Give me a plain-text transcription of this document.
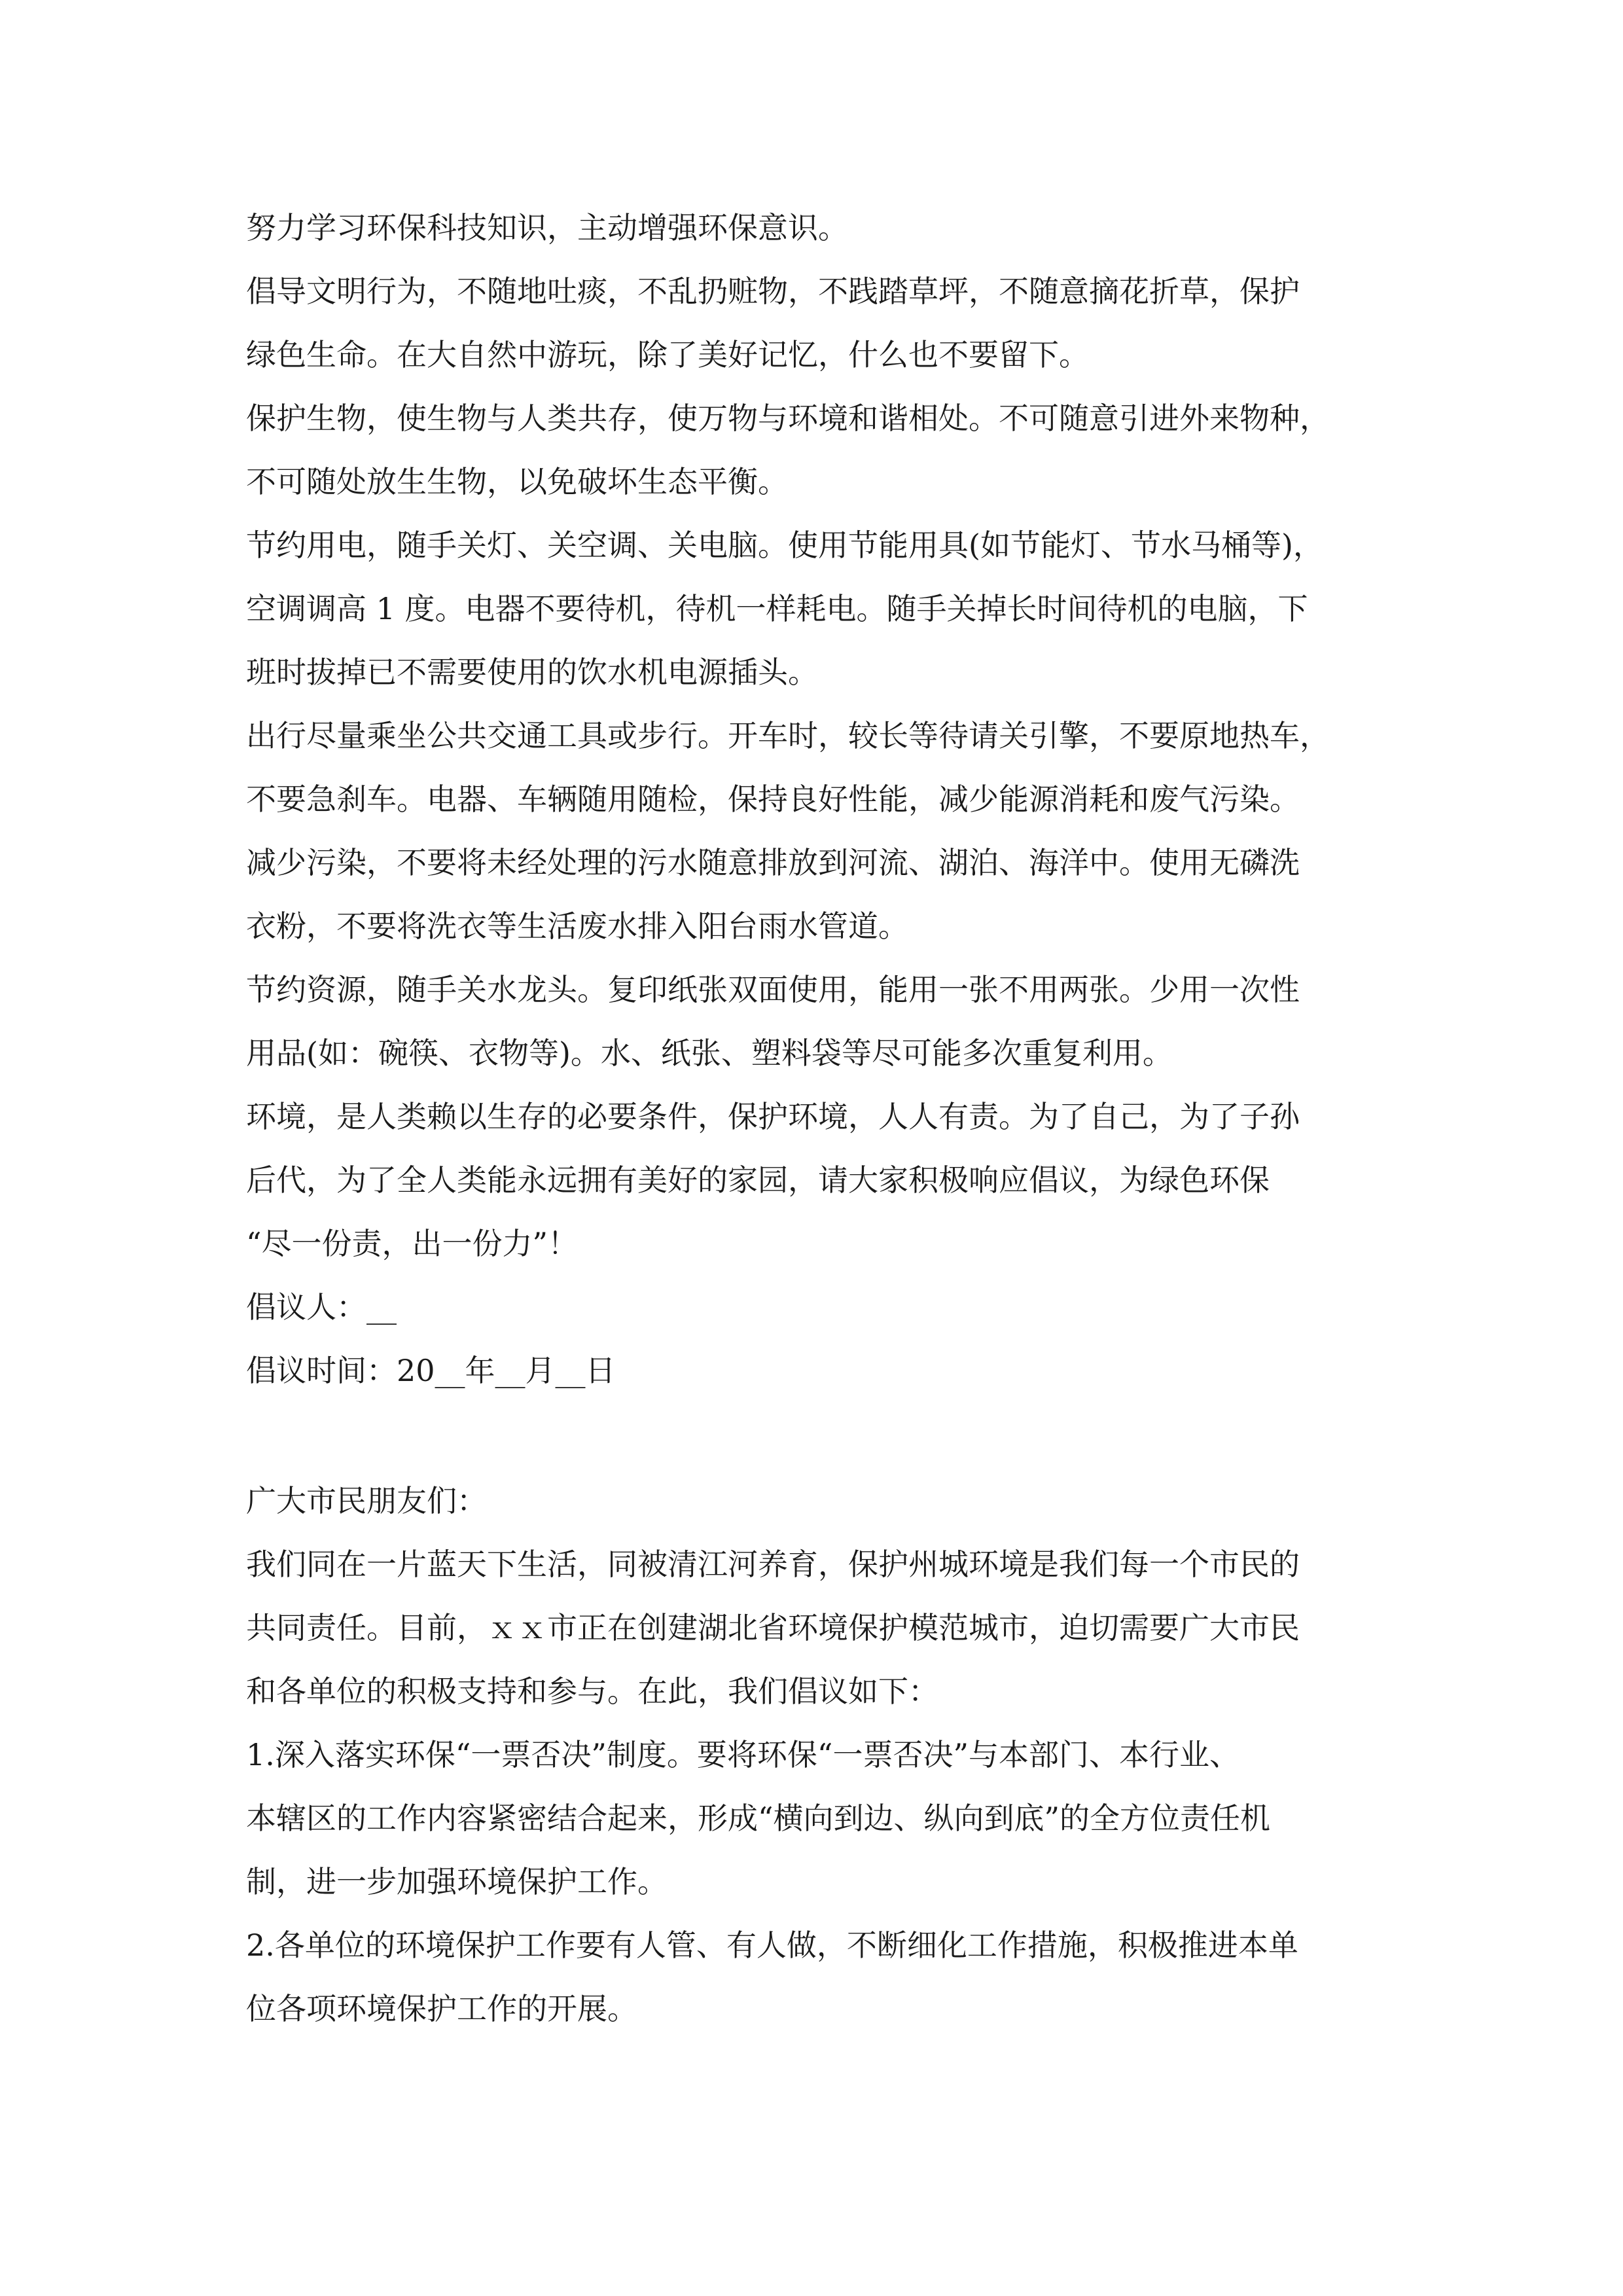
努力学习环保科技知识，主动增强环保意识。

倡导文明行为，不随地吐痰，不乱扔赃物，不践踏草坪，不随意摘花折草，保护

绿色生命。在大自然中游玩，除了美好记忆，什么也不要留下。

保护生物，使生物与人类共存，使万物与环境和谐相处。不可随意引进外来物种，

不可随处放生生物，以免破坏生态平衡。

节约用电，随手关灯、关空调、关电脑。使用节能用具(如节能灯、节水马桶等)，

空调调高 1 度。电器不要待机，待机一样耗电。随手关掉长时间待机的电脑，下

班时拔掉已不需要使用的饮水机电源插头。

出行尽量乘坐公共交通工具或步行。开车时，较长等待请关引擎，不要原地热车，

不要急刹车。电器、车辆随用随检，保持良好性能，减少能源消耗和废气污染。

减少污染，不要将未经处理的污水随意排放到河流、湖泊、海洋中。使用无磷洗

衣粉，不要将洗衣等生活废水排入阳台雨水管道。

节约资源，随手关水龙头。复印纸张双面使用，能用一张不用两张。少用一次性

用品(如：碗筷、衣物等)。水、纸张、塑料袋等尽可能多次重复利用。

环境，是人类赖以生存的必要条件，保护环境，人人有责。为了自己，为了子孙

后代，为了全人类能永远拥有美好的家园，请大家积极响应倡议，为绿色环保

“尽一份责，出一份力”！

倡议人：__

倡议时间：20__年__月__日

广大市民朋友们：

我们同在一片蓝天下生活，同被清江河养育，保护州城环境是我们每一个市民的

共同责任。目前，ｘｘ市正在创建湖北省环境保护模范城市，迫切需要广大市民

和各单位的积极支持和参与。在此，我们倡议如下：

1.深入落实环保“一票否决”制度。要将环保“一票否决”与本部门、本行业、

本辖区的工作内容紧密结合起来，形成“横向到边、纵向到底”的全方位责任机

制，进一步加强环境保护工作。

2.各单位的环境保护工作要有人管、有人做，不断细化工作措施，积极推进本单

位各项环境保护工作的开展。
